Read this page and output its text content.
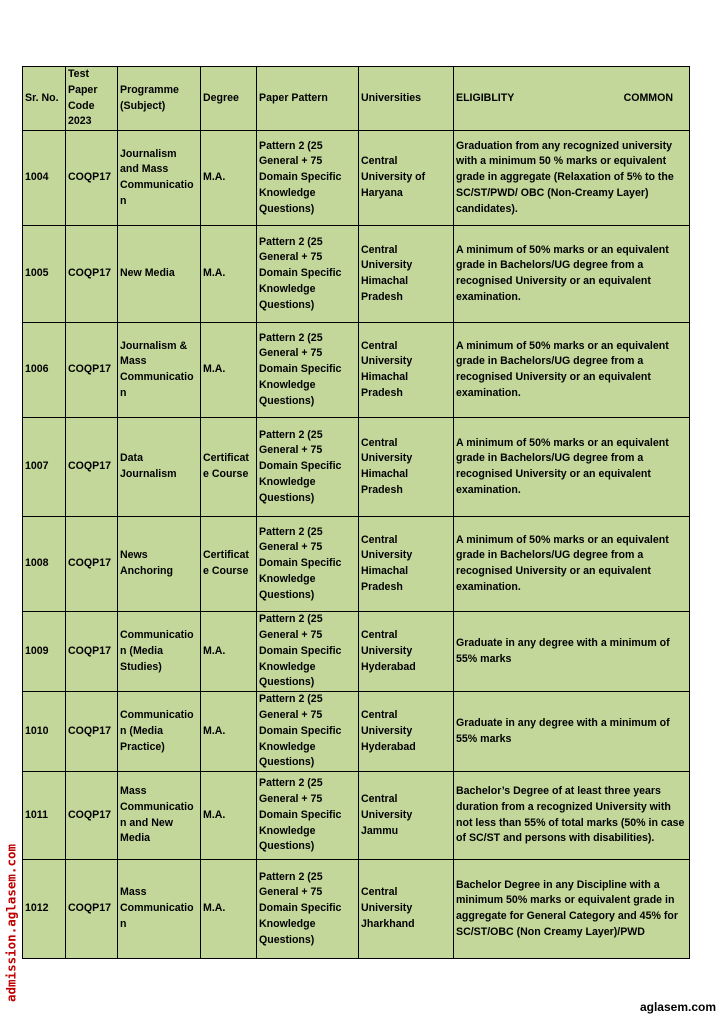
Sr. No.	Test Paper Code 2023	Programme (Subject)	Degree	Paper Pattern	Universities	ELIGIBLITY COMMON

1004	COQP17	Journalism and Mass Communication	M.A.	Pattern 2 (25 General + 75 Domain Specific Knowledge Questions)	Central University of Haryana	Graduation from any recognized university with a minimum 50 % marks or equivalent grade in aggregate (Relaxation of 5% to the SC/ST/PWD/ OBC (Non-Creamy Layer) candidates).
1005	COQP17	New Media	M.A.	Pattern 2 (25 General + 75 Domain Specific Knowledge Questions)	Central University Himachal Pradesh	A minimum of 50% marks or an equivalent grade in Bachelors/UG degree from a recognised University or an equivalent examination.
1006	COQP17	Journalism & Mass Communication	M.A.	Pattern 2 (25 General + 75 Domain Specific Knowledge Questions)	Central University Himachal Pradesh	A minimum of 50% marks or an equivalent grade in Bachelors/UG degree from a recognised University or an equivalent examination.
1007	COQP17	Data Journalism	Certificate Course	Pattern 2 (25 General + 75 Domain Specific Knowledge Questions)	Central University Himachal Pradesh	A minimum of 50% marks or an equivalent grade in Bachelors/UG degree from a recognised University or an equivalent examination.
1008	COQP17	News Anchoring	Certificate Course	Pattern 2 (25 General + 75 Domain Specific Knowledge Questions)	Central University Himachal Pradesh	A minimum of 50% marks or an equivalent grade in Bachelors/UG degree from a recognised University or an equivalent examination.
1009	COQP17	Communication (Media Studies)	M.A.	Pattern 2 (25 General + 75 Domain Specific Knowledge Questions)	Central University Hyderabad	Graduate in any degree with a minimum of 55% marks
1010	COQP17	Communication (Media Practice)	M.A.	Pattern 2 (25 General + 75 Domain Specific Knowledge Questions)	Central University Hyderabad	Graduate in any degree with a minimum of 55% marks
1011	COQP17	Mass Communication and New Media	M.A.	Pattern 2 (25 General + 75 Domain Specific Knowledge Questions)	Central University Jammu	Bachelor’s Degree of at least three years duration from a recognized University with not less than 55% of total marks (50% in case of SC/ST and persons with disabilities).
1012	COQP17	Mass Communication	M.A.	Pattern 2 (25 General + 75 Domain Specific Knowledge Questions)	Central University Jharkhand	Bachelor Degree in any Discipline with a minimum 50% marks or equivalent grade in aggregate for General Category and 45% for SC/ST/OBC (Non Creamy Layer)/PWD
admission.aglasem.com
aglasem.com
